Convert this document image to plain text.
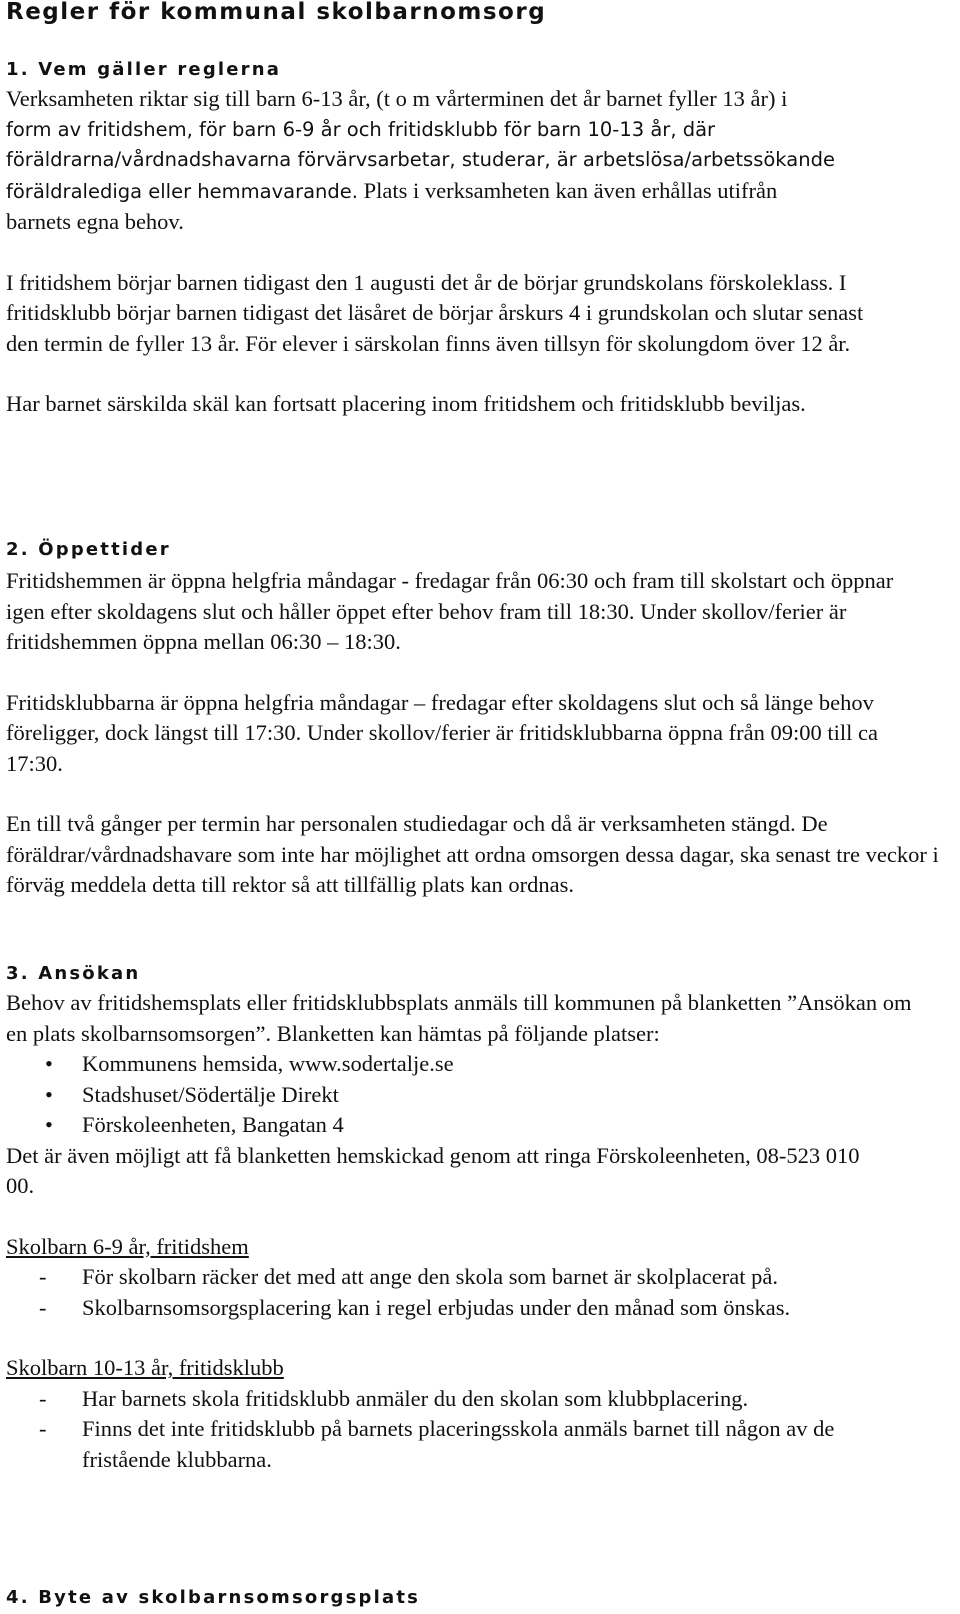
Regler för kommunal skolbarnomsorg
1. Vem gäller reglerna
Verksamheten riktar sig till barn 6-13 år, (t o m vårterminen det år barnet fyller 13 år) i
form av fritidshem, för barn 6-9 år och fritidsklubb för barn 10-13 år, där
föräldrarna/vårdnadshavarna förvärvsarbetar, studerar, är arbetslösa/arbetssökande
föräldralediga eller hemmavarande. Plats i verksamheten kan även erhållas utifrån
barnets egna behov.

I fritidshem börjar barnen tidigast den 1 augusti det år de börjar grundskolans förskoleklass. I fritidsklubb börjar barnen tidigast det läsåret de börjar årskurs 4 i grundskolan och slutar senast den termin de fyller 13 år. För elever i särskolan finns även tillsyn för skolungdom över 12 år.

Har barnet särskilda skäl kan fortsatt placering inom fritidshem och fritidsklubb beviljas.

2. Öppettider

Fritidshemmen är öppna helgfria måndagar - fredagar från 06:30 och fram till skolstart och öppnar igen efter skoldagens slut och håller öppet efter behov fram till 18:30. Under skollov/ferier är fritidshemmen öppna mellan 06:30 – 18:30.

Fritidsklubbarna är öppna helgfria måndagar – fredagar efter skoldagens slut och så länge behov föreligger, dock längst till 17:30. Under skollov/ferier är fritidsklubbarna öppna från 09:00 till ca 17:30.

En till två gånger per termin har personalen studiedagar och då är verksamheten stängd. De föräldrar/vårdnadshavare som inte har möjlighet att ordna omsorgen dessa dagar, ska senast tre veckor i förväg meddela detta till rektor så att tillfällig plats kan ordnas.

3. Ansökan

Behov av fritidshemsplats eller fritidsklubbsplats anmäls till kommunen på blanketten ”Ansökan om en plats skolbarnsomsorgen”. Blanketten kan hämtas på följande platser:

• Kommunens hemsida, www.sodertalje.se
• Stadshuset/Södertälje Direkt
• Förskoleenheten, Bangatan 4

Det är även möjligt att få blanketten hemskickad genom att ringa Förskoleenheten, 08-523 010 00.

Skolbarn 6-9 år, fritidshem
- För skolbarn räcker det med att ange den skola som barnet är skolplacerat på.
- Skolbarnsomsorgsplacering kan i regel erbjudas under den månad som önskas.
Skolbarn 10-13 år, fritidsklubb
- Har barnets skola fritidsklubb anmäler du den skolan som klubbplacering.
- Finns det inte fritidsklubb på barnets placeringsskola anmäls barnet till någon av de fristående klubbarna.
4. Byte av skolbarnsomsorgsplats
